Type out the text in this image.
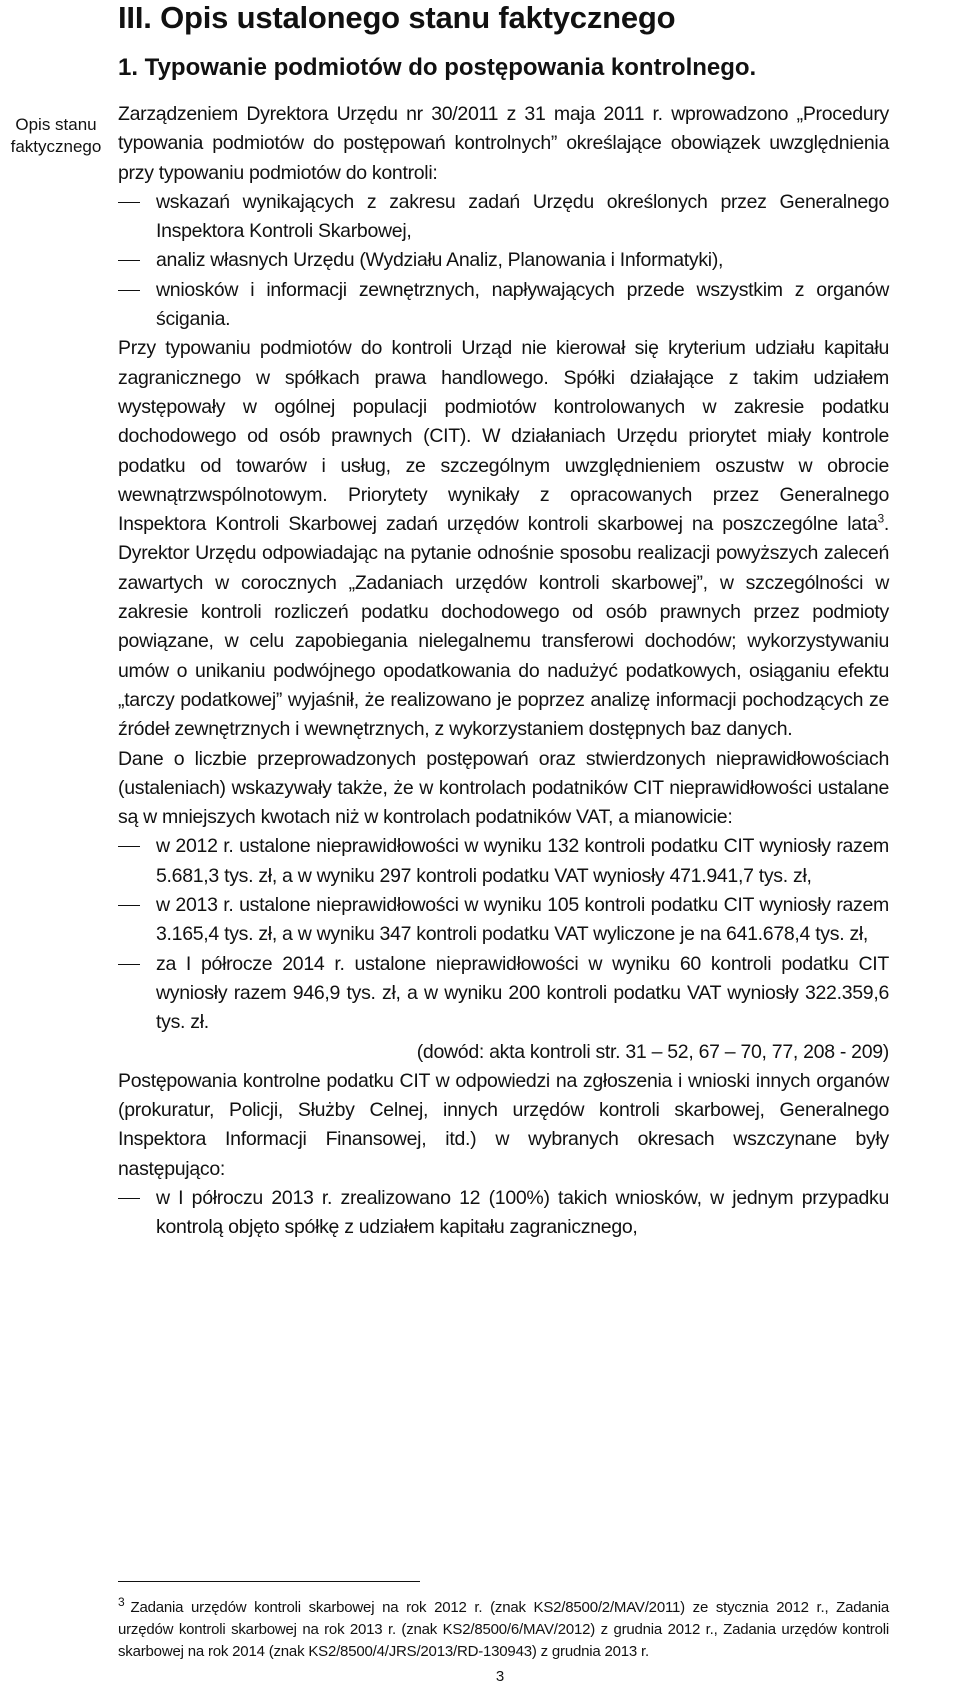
III. Opis ustalonego stanu faktycznego
1. Typowanie podmiotów do postępowania kontrolnego.
Opis stanu faktycznego

Zarządzeniem Dyrektora Urzędu nr 30/2011 z 31 maja 2011 r. wprowadzono „Procedury typowania podmiotów do postępowań kontrolnych” określające obowiązek uwzględnienia przy typowaniu podmiotów do kontroli:

wskazań wynikających z zakresu zadań Urzędu określonych przez Generalnego Inspektora Kontroli Skarbowej,
analiz własnych Urzędu (Wydziału Analiz, Planowania i Informatyki),
wniosków i informacji zewnętrznych, napływających przede wszystkim z organów ścigania.

Przy typowaniu podmiotów do kontroli Urząd nie kierował się kryterium udziału kapitału zagranicznego w spółkach prawa handlowego. Spółki działające z takim udziałem występowały w ogólnej populacji podmiotów kontrolowanych w zakresie podatku dochodowego od osób prawnych (CIT). W działaniach Urzędu priorytet miały kontrole podatku od towarów i usług, ze szczególnym uwzględnieniem oszustw w obrocie wewnątrzwspólnotowym. Priorytety wynikały z opracowanych przez Generalnego Inspektora Kontroli Skarbowej zadań urzędów kontroli skarbowej na poszczególne lata$^3$. Dyrektor Urzędu odpowiadając na pytanie odnośnie sposobu realizacji powyższych zaleceń zawartych w corocznych „Zadaniach urzędów kontroli skarbowej”, w szczególności w zakresie kontroli rozliczeń podatku dochodowego od osób prawnych przez podmioty powiązane, w celu zapobiegania nielegalnemu transferowi dochodów; wykorzystywaniu umów o unikaniu podwójnego opodatkowania do nadużyć podatkowych, osiąganiu efektu „tarczy podatkowej” wyjaśnił, że realizowano je poprzez analizę informacji pochodzących ze źródeł zewnętrznych i wewnętrznych, z wykorzystaniem dostępnych baz danych.

Dane o liczbie przeprowadzonych postępowań oraz stwierdzonych nieprawidłowościach (ustaleniach) wskazywały także, że w kontrolach podatników CIT nieprawidłowości ustalane są w mniejszych kwotach niż w kontrolach podatników VAT, a mianowicie:

w 2012 r. ustalone nieprawidłowości w wyniku 132 kontroli podatku CIT wyniosły razem 5.681,3 tys. zł, a w wyniku 297 kontroli podatku VAT wyniosły 471.941,7 tys. zł,
w 2013 r. ustalone nieprawidłowości w wyniku 105 kontroli podatku CIT wyniosły razem 3.165,4 tys. zł, a w wyniku 347 kontroli podatku VAT wyliczone je na 641.678,4 tys. zł,
za I półrocze 2014 r. ustalone nieprawidłowości w wyniku 60 kontroli podatku CIT wyniosły razem 946,9 tys. zł, a w wyniku 200 kontroli podatku VAT wyniosły 322.359,6 tys. zł.

(dowód: akta kontroli str. 31 – 52, 67 – 70, 77, 208 - 209)

Postępowania kontrolne podatku CIT w odpowiedzi na zgłoszenia i wnioski innych organów (prokuratur, Policji, Służby Celnej, innych urzędów kontroli skarbowej, Generalnego Inspektora Informacji Finansowej, itd.) w wybranych okresach wszczynane były następująco:

w I półroczu 2013 r. zrealizowano 12 (100%) takich wniosków, w jednym przypadku kontrolą objęto spółkę z udziałem kapitału zagranicznego,

$^3$ Zadania urzędów kontroli skarbowej na rok 2012 r. (znak KS2/8500/2/MAV/2011) ze stycznia 2012 r., Zadania urzędów kontroli skarbowej na rok 2013 r. (znak KS2/8500/6/MAV/2012) z grudnia 2012 r., Zadania urzędów kontroli skarbowej na rok 2014 (znak KS2/8500/4/JRS/2013/RD-130943) z grudnia 2013 r.

3
